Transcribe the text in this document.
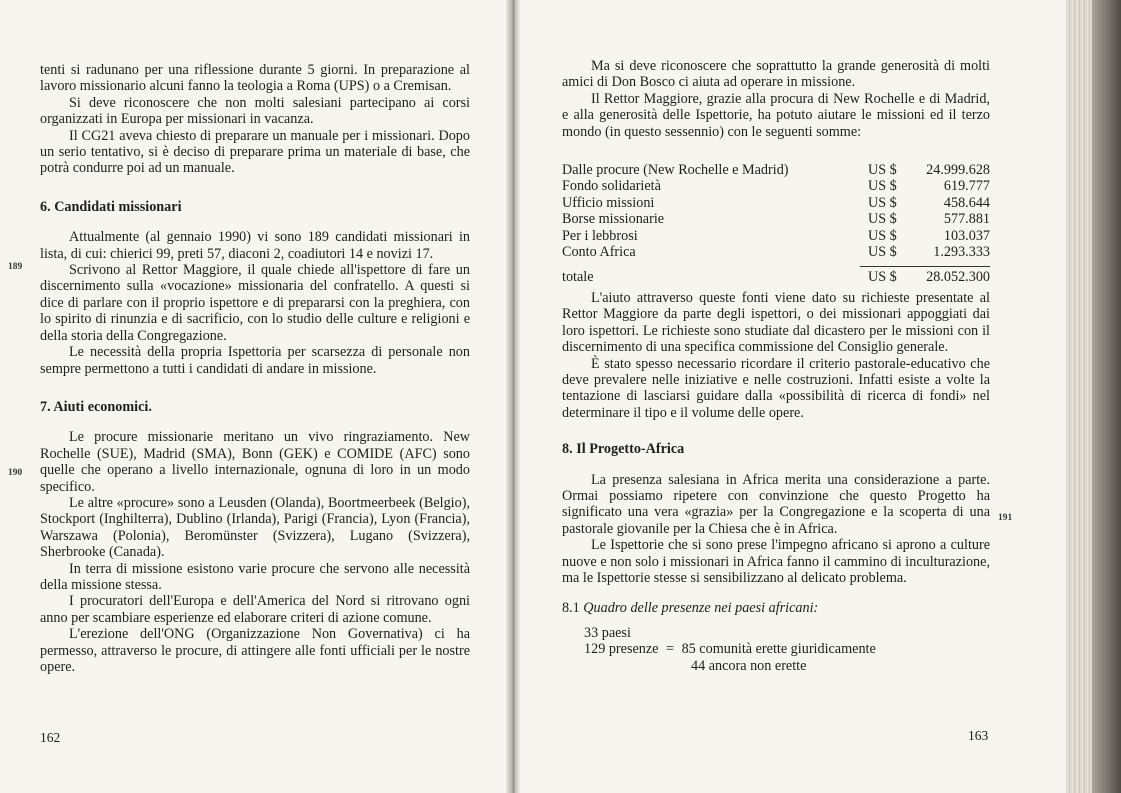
tenti si radunano per una riflessione durante 5 giorni. In preparazione al lavoro missionario alcuni fanno la teologia a Roma (UPS) o a Cremisan.

Si deve riconoscere che non molti salesiani partecipano ai corsi organizzati in Europa per missionari in vacanza.

Il CG21 aveva chiesto di preparare un manuale per i missionari. Dopo un serio tentativo, si è deciso di preparare prima un materiale di base, che potrà condurre poi ad un manuale.

6. Candidati missionari

Attualmente (al gennaio 1990) vi sono 189 candidati missionari in lista, di cui: chierici 99, preti 57, diaconi 2, coadiutori 14 e novizi 17.

Scrivono al Rettor Maggiore, il quale chiede all'ispettore di fare un discernimento sulla «vocazione» missionaria del confratello. A questi si dice di parlare con il proprio ispettore e di prepararsi con la preghiera, con lo spirito di rinunzia e di sacrificio, con lo studio delle culture e religioni e della storia della Congregazione.

Le necessità della propria Ispettoria per scarsezza di personale non sempre permettono a tutti i candidati di andare in missione.

7. Aiuti economici.

Le procure missionarie meritano un vivo ringraziamento. New Rochelle (SUE), Madrid (SMA), Bonn (GEK) e COMIDE (AFC) sono quelle che operano a livello internazionale, ognuna di loro in un modo specifico.

Le altre «procure» sono a Leusden (Olanda), Boortmeerbeek (Belgio), Stockport (Inghilterra), Dublino (Irlanda), Parigi (Francia), Lyon (Francia), Warszawa (Polonia), Beromünster (Svizzera), Lugano (Svizzera), Sherbrooke (Canada).

In terra di missione esistono varie procure che servono alle necessità della missione stessa.

I procuratori dell'Europa e dell'America del Nord si ritrovano ogni anno per scambiare esperienze ed elaborare criteri di azione comune.

L'erezione dell'ONG (Organizzazione Non Governativa) ci ha permesso, attraverso le procure, di attingere alle fonti ufficiali per le nostre opere.

189
190
162

Ma si deve riconoscere che soprattutto la grande generosità di molti amici di Don Bosco ci aiuta ad operare in missione.

Il Rettor Maggiore, grazie alla procura di New Rochelle e di Madrid, e alla generosità delle Ispettorie, ha potuto aiutare le missioni ed il terzo mondo (in questo sessennio) con le seguenti somme:

Dalle procure (New Rochelle e Madrid)	US $	24.999.628
Fondo solidarietà	US $	619.777
Ufficio missioni	US $	458.644
Borse missionarie	US $	577.881
Per i lebbrosi	US $	103.037
Conto Africa	US $	1.293.333
totale	US $	28.052.300

L'aiuto attraverso queste fonti viene dato su richieste presentate al Rettor Maggiore da parte degli ispettori, o dei missionari appoggiati dai loro ispettori. Le richieste sono studiate dal dicastero per le missioni con il discernimento di una specifica commissione del Consiglio generale.

È stato spesso necessario ricordare il criterio pastorale-educativo che deve prevalere nelle iniziative e nelle costruzioni. Infatti esiste a volte la tentazione di lasciarsi guidare dalla «possibilità di ricerca di fondi» nel determinare il tipo e il volume delle opere.

8. Il Progetto-Africa

La presenza salesiana in Africa merita una considerazione a parte. Ormai possiamo ripetere con convinzione che questo Progetto ha significato una vera «grazia» per la Congregazione e la scoperta di una pastorale giovanile per la Chiesa che è in Africa.

Le Ispettorie che si sono prese l'impegno africano si aprono a culture nuove e non solo i missionari in Africa fanno il cammino di inculturazione, ma le Ispettorie stesse si sensibilizzano al delicato problema.

8.1 Quadro delle presenze nei paesi africani:
33 paesi
129 presenze = 85 comunità erette giuridicamente
44 ancora non erette
191
163
